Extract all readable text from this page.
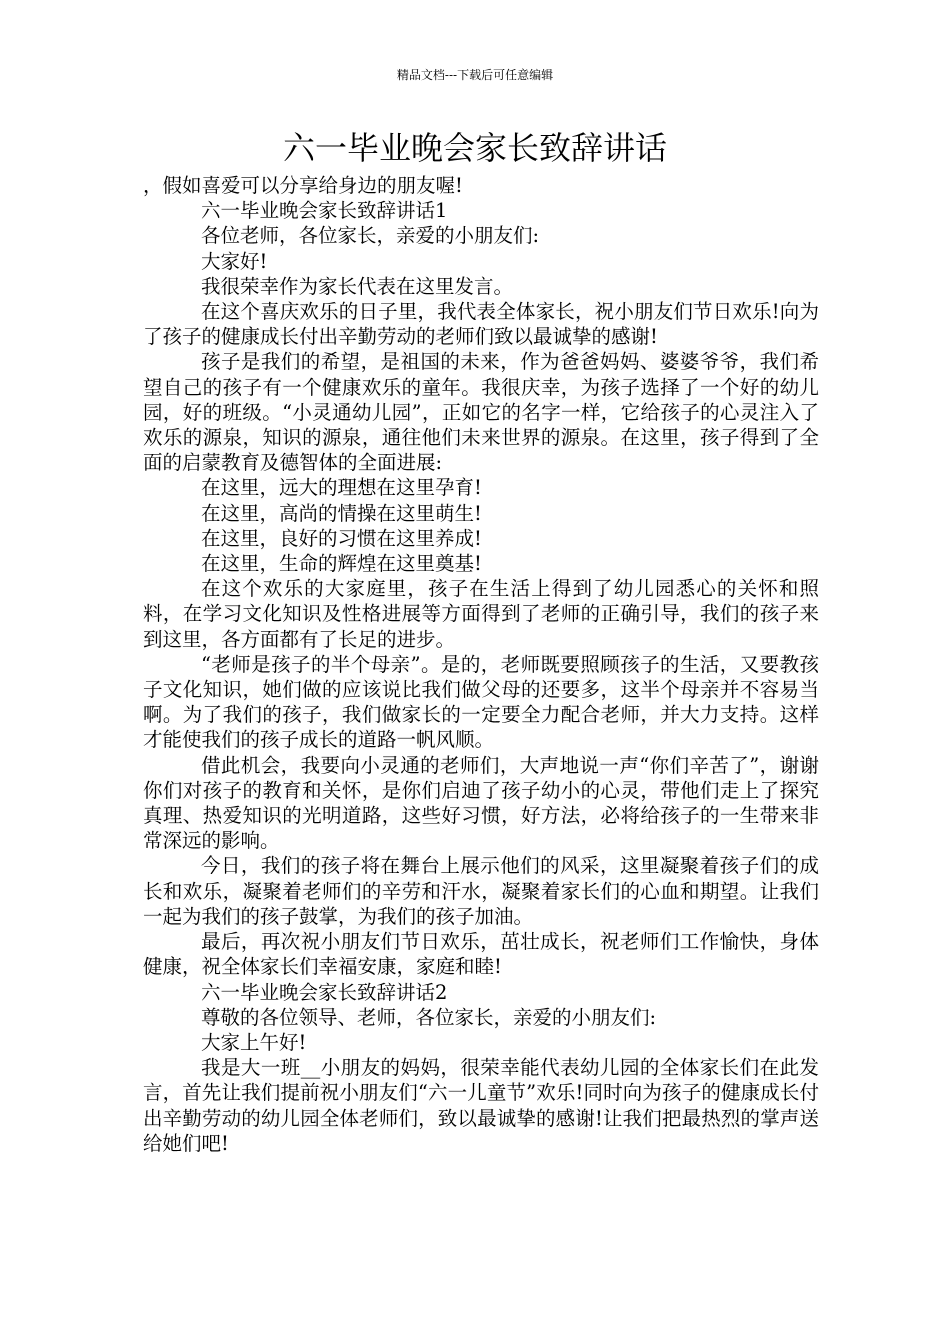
精品文档---下载后可任意编辑
六一毕业晚会家长致辞讲话

，假如喜爱可以分享给身边的朋友喔!

六一毕业晚会家长致辞讲话1

各位老师，各位家长，亲爱的小朋友们:

大家好!

我很荣幸作为家长代表在这里发言。

在这个喜庆欢乐的日子里，我代表全体家长，祝小朋友们节日欢乐!向为了孩子的健康成长付出辛勤劳动的老师们致以最诚挚的感谢!

孩子是我们的希望，是祖国的未来，作为爸爸妈妈、婆婆爷爷，我们希望自己的孩子有一个健康欢乐的童年。我很庆幸，为孩子选择了一个好的幼儿园，好的班级。“小灵通幼儿园”，正如它的名字一样，它给孩子的心灵注入了欢乐的源泉，知识的源泉，通往他们未来世界的源泉。在这里，孩子得到了全面的启蒙教育及德智体的全面进展:

在这里，远大的理想在这里孕育!

在这里，高尚的情操在这里萌生!

在这里，良好的习惯在这里养成!

在这里，生命的辉煌在这里奠基!

在这个欢乐的大家庭里，孩子在生活上得到了幼儿园悉心的关怀和照料，在学习文化知识及性格进展等方面得到了老师的正确引导，我们的孩子来到这里，各方面都有了长足的进步。

“老师是孩子的半个母亲”。是的，老师既要照顾孩子的生活，又要教孩子文化知识，她们做的应该说比我们做父母的还要多，这半个母亲并不容易当啊。为了我们的孩子，我们做家长的一定要全力配合老师，并大力支持。这样才能使我们的孩子成长的道路一帆风顺。

借此机会，我要向小灵通的老师们，大声地说一声“你们辛苦了”，谢谢你们对孩子的教育和关怀，是你们启迪了孩子幼小的心灵，带他们走上了探究真理、热爱知识的光明道路，这些好习惯，好方法，必将给孩子的一生带来非常深远的影响。

今日，我们的孩子将在舞台上展示他们的风采，这里凝聚着孩子们的成长和欢乐，凝聚着老师们的辛劳和汗水，凝聚着家长们的心血和期望。让我们一起为我们的孩子鼓掌，为我们的孩子加油。

最后，再次祝小朋友们节日欢乐，茁壮成长，祝老师们工作愉快，身体健康，祝全体家长们幸福安康，家庭和睦!

六一毕业晚会家长致辞讲话2

尊敬的各位领导、老师，各位家长，亲爱的小朋友们:

大家上午好!

我是大一班__小朋友的妈妈，很荣幸能代表幼儿园的全体家长们在此发言，首先让我们提前祝小朋友们“六一儿童节”欢乐!同时向为孩子的健康成长付出辛勤劳动的幼儿园全体老师们，致以最诚挚的感谢!让我们把最热烈的掌声送给她们吧!
